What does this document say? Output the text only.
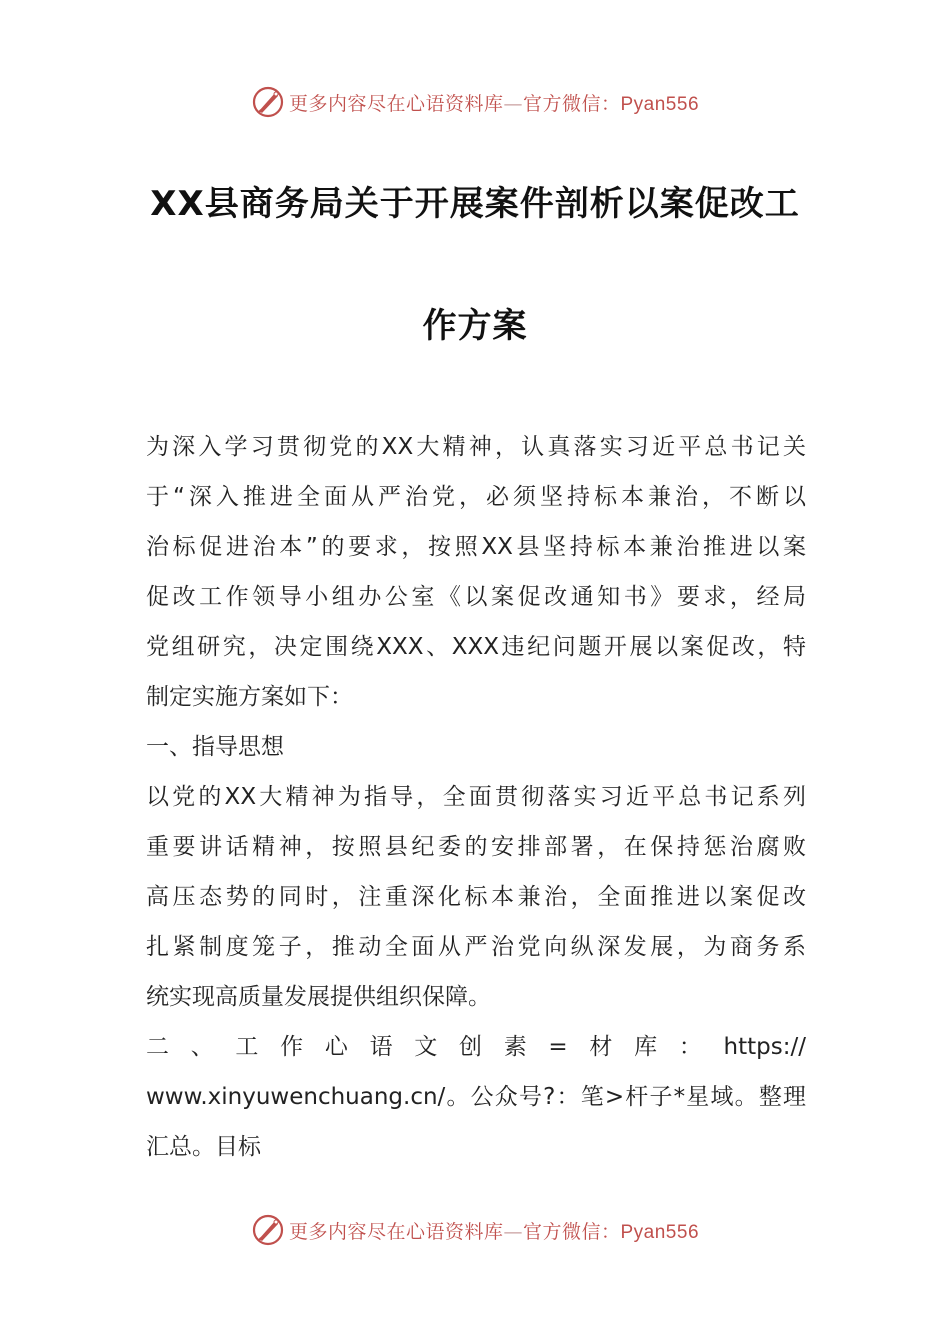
更多内容尽在心语资料库—官方微信：Pyan556
XX县商务局关于开展案件剖析以案促改工
作方案
为深入学习贯彻党的XX大精神，认真落实习近平总书记关
于“深入推进全面从严治党，必须坚持标本兼治，不断以
治标促进治本”的要求，按照XX县坚持标本兼治推进以案
促改工作领导小组办公室《以案促改通知书》要求，经局
党组研究，决定围绕XXX、XXX违纪问题开展以案促改，特
制定实施方案如下：
一、指导思想
以党的XX大精神为指导，全面贯彻落实习近平总书记系列
重要讲话精神，按照县纪委的安排部署，在保持惩治腐败
高压态势的同时，注重深化标本兼治，全面推进以案促改
扎紧制度笼子，推动全面从严治党向纵深发展，为商务系
统实现高质量发展提供组织保障。
二、工作心语文创素=材库：https://
www.xinyuwenchuang.cn/。公众号?：笔>杆子*星域。整理
汇总。目标
更多内容尽在心语资料库—官方微信：Pyan556
